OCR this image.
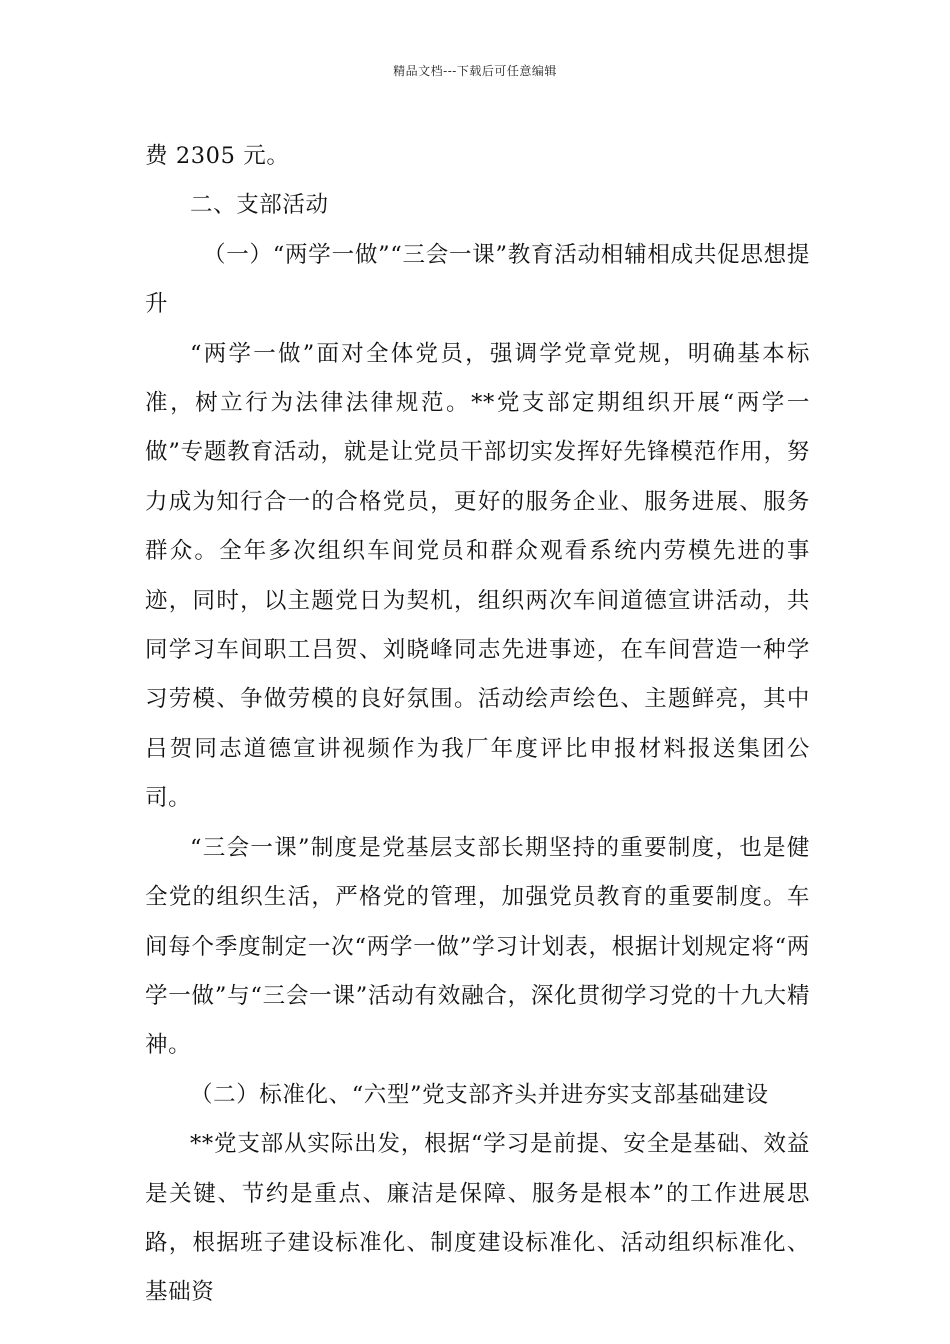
精品文档---下载后可任意编辑

费 2305 元。

二、支部活动

（一）“两学一做”“三会一课”教育活动相辅相成共促思想提升

“两学一做”面对全体党员，强调学党章党规，明确基本标准，树立行为法律法律规范。**党支部定期组织开展“两学一做”专题教育活动，就是让党员干部切实发挥好先锋模范作用，努力成为知行合一的合格党员，更好的服务企业、服务进展、服务群众。全年多次组织车间党员和群众观看系统内劳模先进的事迹，同时，以主题党日为契机，组织两次车间道德宣讲活动，共同学习车间职工吕贺、刘晓峰同志先进事迹，在车间营造一种学习劳模、争做劳模的良好氛围。活动绘声绘色、主题鲜亮，其中吕贺同志道德宣讲视频作为我厂年度评比申报材料报送集团公司。

“三会一课”制度是党基层支部长期坚持的重要制度，也是健全党的组织生活，严格党的管理，加强党员教育的重要制度。车间每个季度制定一次“两学一做”学习计划表，根据计划规定将“两学一做”与“三会一课”活动有效融合，深化贯彻学习党的十九大精神。

（二）标准化、“六型”党支部齐头并进夯实支部基础建设

**党支部从实际出发，根据“学习是前提、安全是基础、效益是关键、节约是重点、廉洁是保障、服务是根本”的工作进展思路，根据班子建设标准化、制度建设标准化、活动组织标准化、基础资
